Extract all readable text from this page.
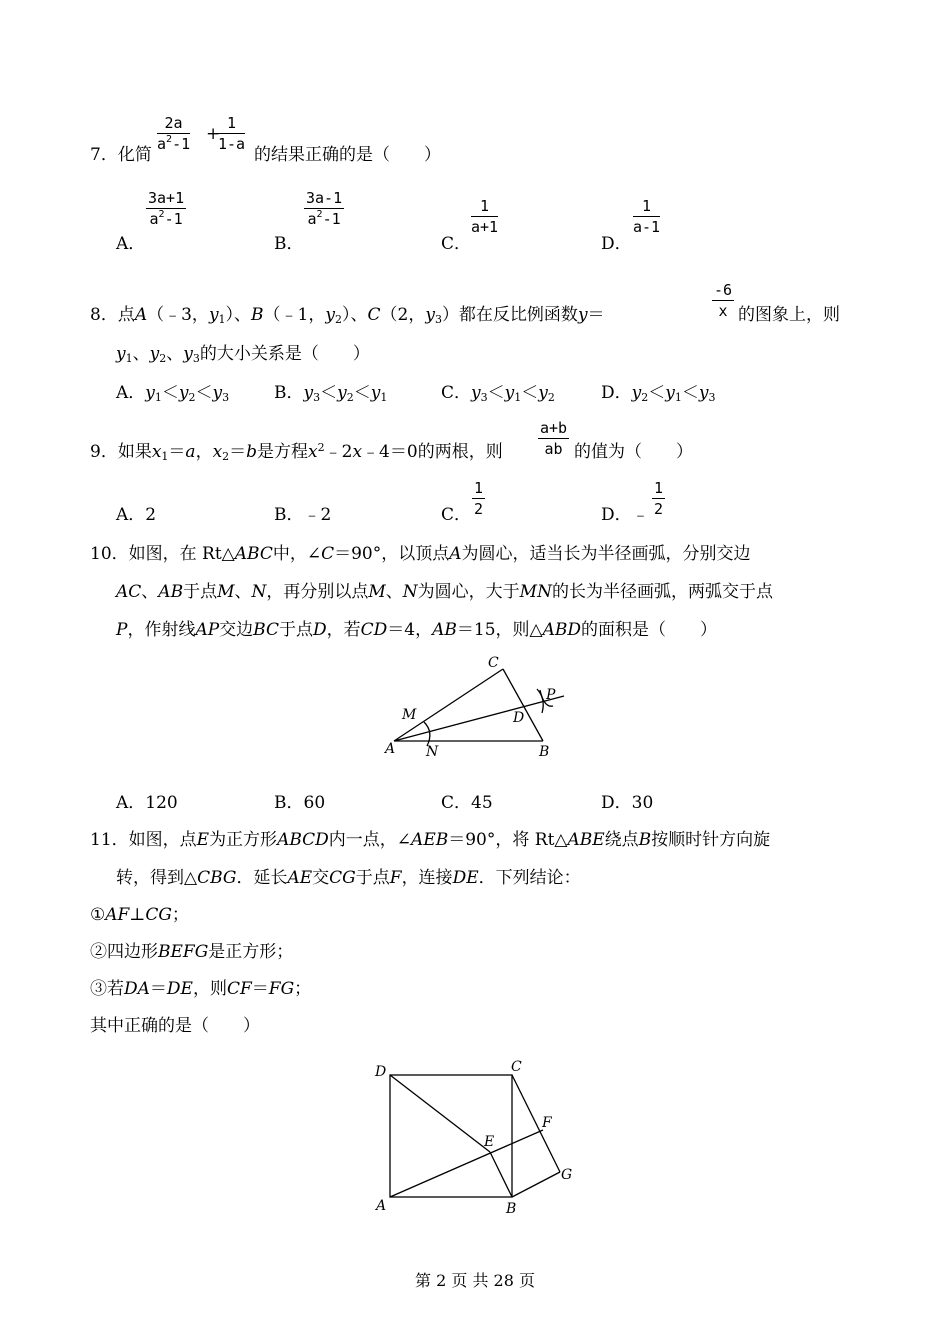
7．化简
$\frac{2a}{a^2-1}$ +
$\frac{1}{1-a}$
的结果正确的是（　　）
A．
$\frac{3a+1}{a^2-1}$
B．
$\frac{3a-1}{a^2-1}$
C．
$\frac{1}{a+1}$
D．
$\frac{1}{a-1}$
8．点A（﹣3，$y_1$）、B（﹣1，$y_2$）、C（2，$y_3$）都在反比例函数y＝	$\frac{-6}{x}$ 的图象上，则
$y_1$、$y_2$、$y_3$的大小关系是（　　）
A．$y_1<y_2<y_3$	B．$y_3<y_2<y_1$	C．$y_3<y_1<y_2$	D．$y_2<y_1<y_3$
9．如果$x_1=a$，$x_2=b$是方程$x^2﹣2x﹣4=0$的两根，则 $\frac{a+b}{ab}$ 的值为（　　）
A．2	B．﹣2	C． $\frac{1}{2}$	D． ﹣ $\frac{1}{2}$
10．如图，在 Rt△ABC中，∠C＝90°，以顶点A为圆心，适当长为半径画弧，分别交边
AC、AB于点M、N，再分别以点M、N为圆心，大于MN的长为半径画弧，两弧交于点
P，作射线AP交边BC于点D，若CD＝4，AB＝15，则△ABD的面积是（　　）
A N	B
C
M	D
P
A．120	B．60	C．45	D．30
11．如图，点E为正方形ABCD内一点，∠AEB＝90°，将 Rt△ABE绕点B按顺时针方向旋
转，得到△CBG．延长AE交CG于点F，连接DE．下列结论：
①AF⊥CG；
②四边形BEFG是正方形；
③若DA＝DE，则CF＝FG；
其中正确的是（　　）
D	C
A	B
E
F
G
第 2 页 共 28 页
